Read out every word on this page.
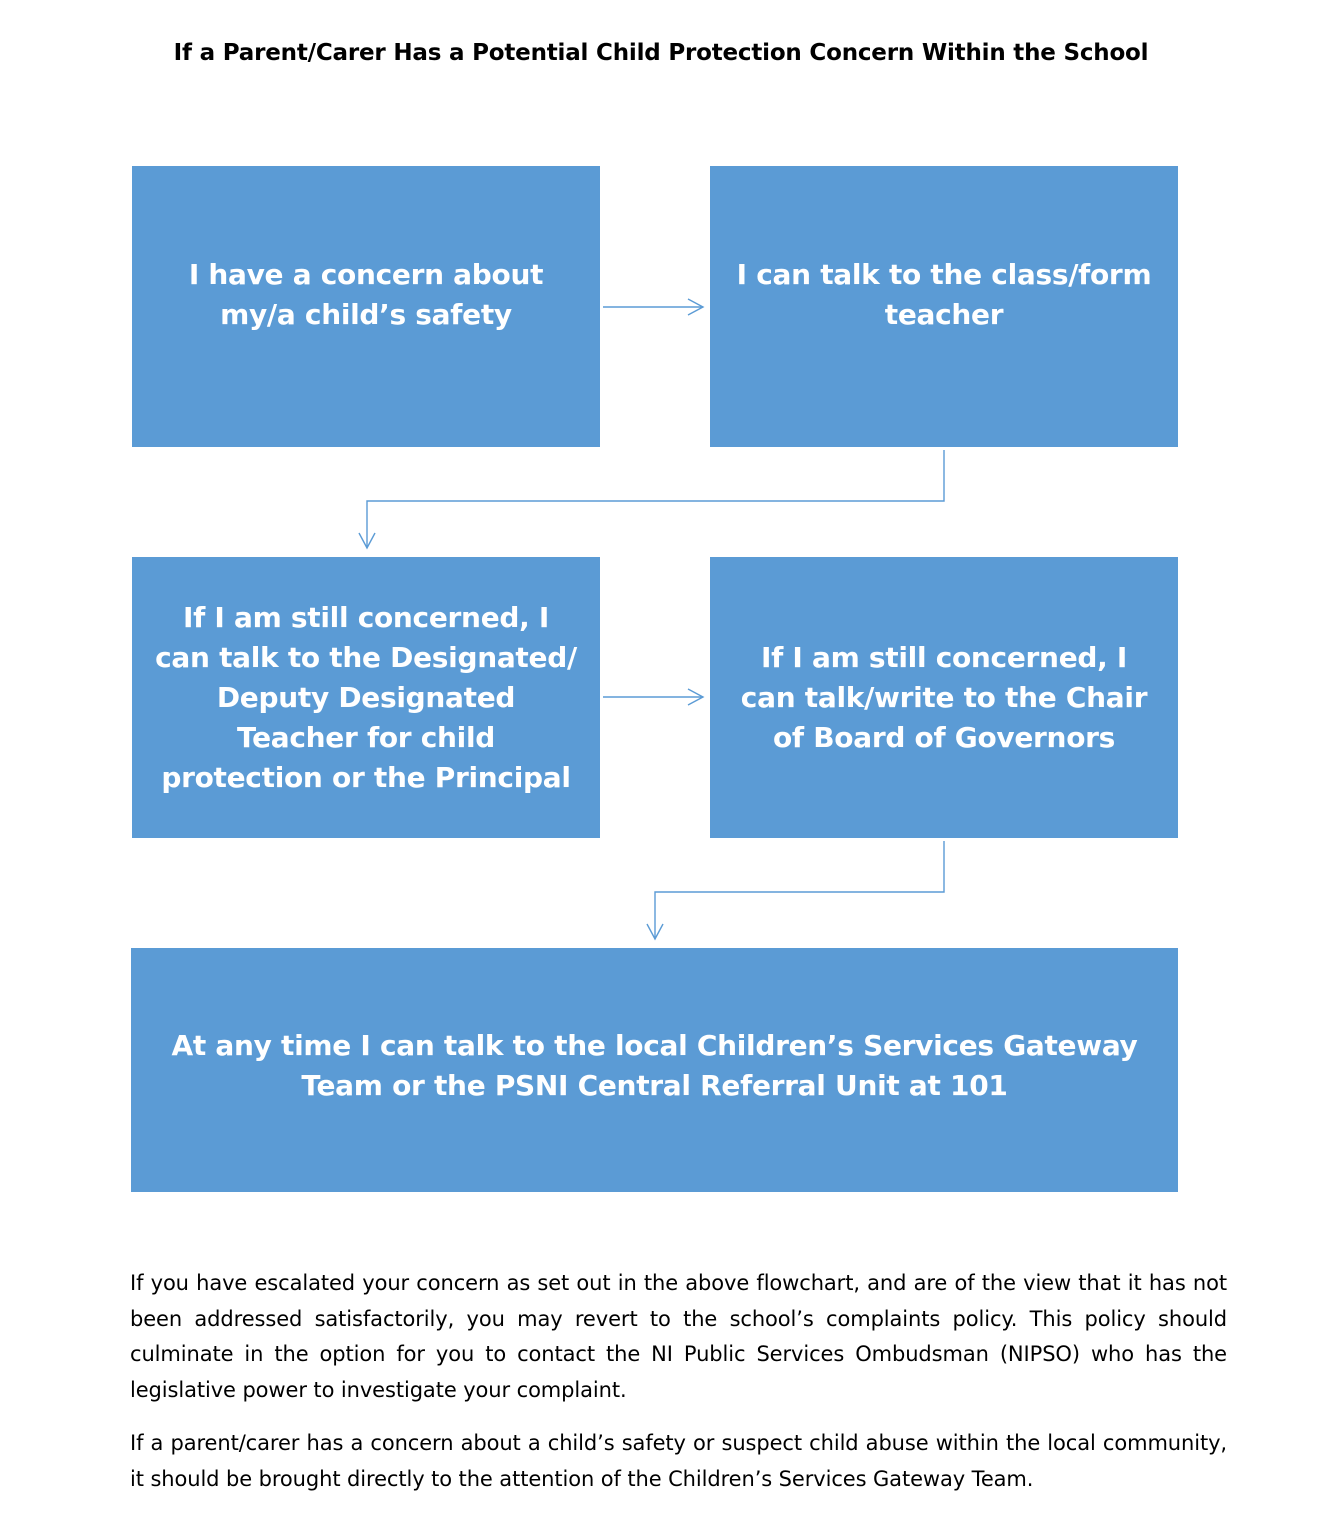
If a Parent/Carer Has a Potential Child Protection Concern Within the School
I have a concern about my/a child’s safety
I can talk to the class/form teacher
If I am still concerned, I can talk to the Designated/ Deputy Designated Teacher for child protection or the Principal
If I am still concerned, I can talk/write to the Chair of Board of Governors
At any time I can talk to the local Children’s Services Gateway Team or the PSNI Central Referral Unit at 101
If you have escalated your concern as set out in the above flowchart, and are of the view that it has not been addressed satisfactorily, you may revert to the school’s complaints policy. This policy should culminate in the option for you to contact the NI Public Services Ombudsman (NIPSO) who has the legislative power to investigate your complaint.
If a parent/carer has a concern about a child’s safety or suspect child abuse within the local community, it should be brought directly to the attention of the Children’s Services Gateway Team.
